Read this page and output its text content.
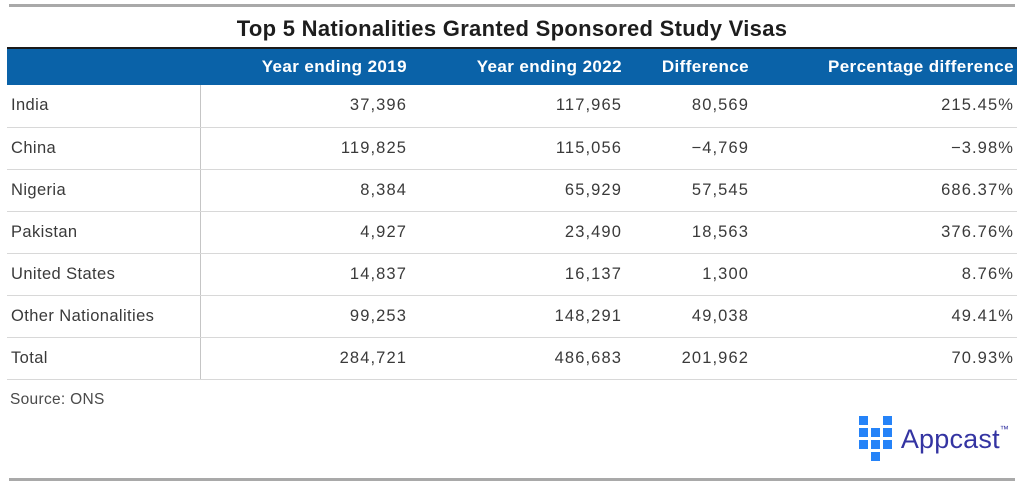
Top 5 Nationalities Granted Sponsored Study Visas
	Year ending 2019	Year ending 2022	Difference	Percentage difference
India	37,396	117,965	80,569	215.45%
China	119,825	115,056	−4,769	−3.98%
Nigeria	8,384	65,929	57,545	686.37%
Pakistan	4,927	23,490	18,563	376.76%
United States	14,837	16,137	1,300	8.76%
Other Nationalities	99,253	148,291	49,038	49.41%
Total	284,721	486,683	201,962	70.93%
Source: ONS
Appcast™
